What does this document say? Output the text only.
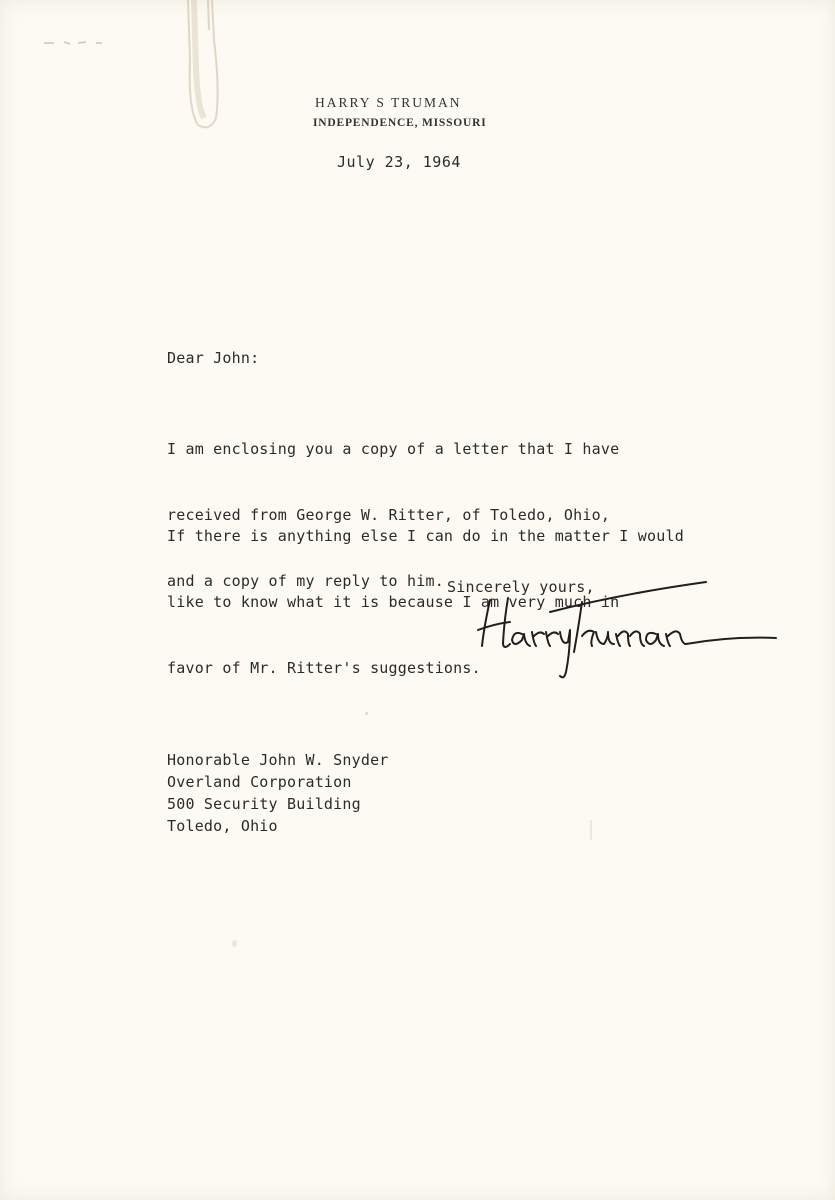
HARRY S TRUMAN
INDEPENDENCE, MISSOURI
July 23, 1964
Dear John:

I am enclosing you a copy of a letter that I have

received from George W. Ritter, of Toledo, Ohio,

and a copy of my reply to him.

If there is anything else I can do in the matter I would

like to know what it is because I am very much in

favor of Mr. Ritter's suggestions.

Sincerely yours,
Honorable John W. Snyder
Overland Corporation
500 Security Building
Toledo, Ohio
